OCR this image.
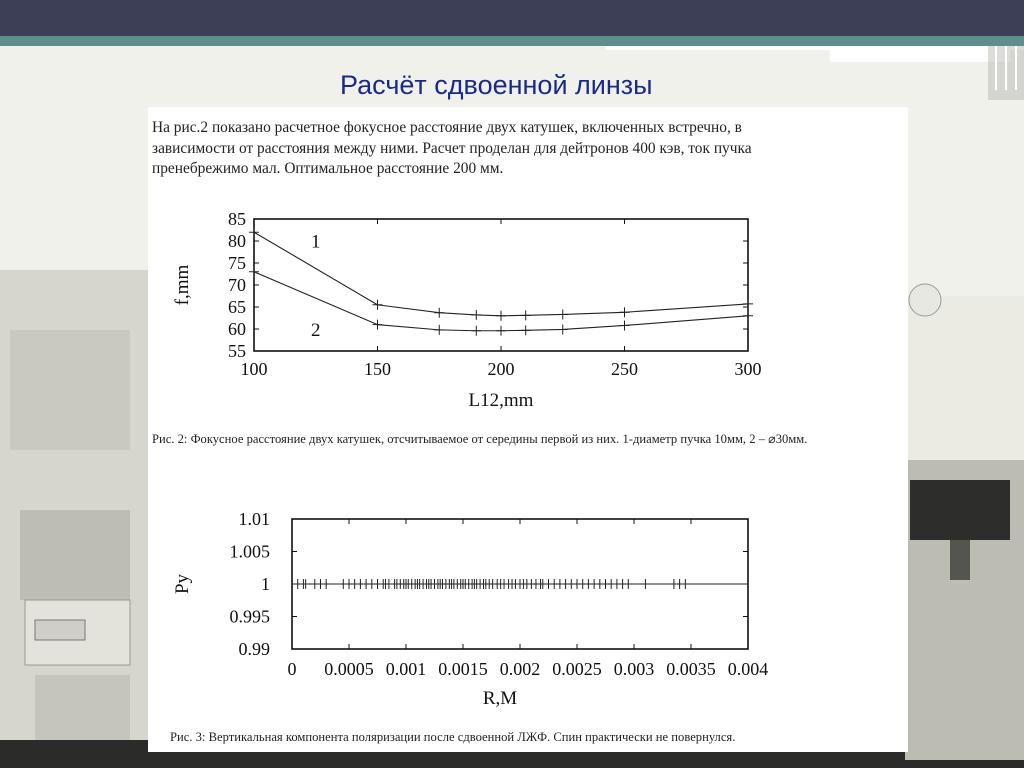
Расчёт сдвоенной линзы
На рис.2 показано расчетное фокусное расстояние двух катушек, включенных встречно, в
зависимости от расстояния между ними. Расчет проделан для дейтронов 400 кэв, ток пучка
пренебрежимо мал. Оптимальное расстояние 200 мм.
100	150	200	250	300
55
60
65
70
75
80
85
L12,mm
f,mm
1
2
Рис. 2: Фокусное расстояние двух катушек, отсчитываемое от середины первой из них. 1-диаметр пучка 10мм, 2 – ⌀30мм.
0 0.0005 0.001 0.0015 0.002 0.0025 0.003 0.0035 0.004
0.99
0.995
1
1.005
1.01
R,M
Py
Рис. 3: Вертикальная компонента поляризации после сдвоенной ЛЖФ. Спин практически не повернулся.
